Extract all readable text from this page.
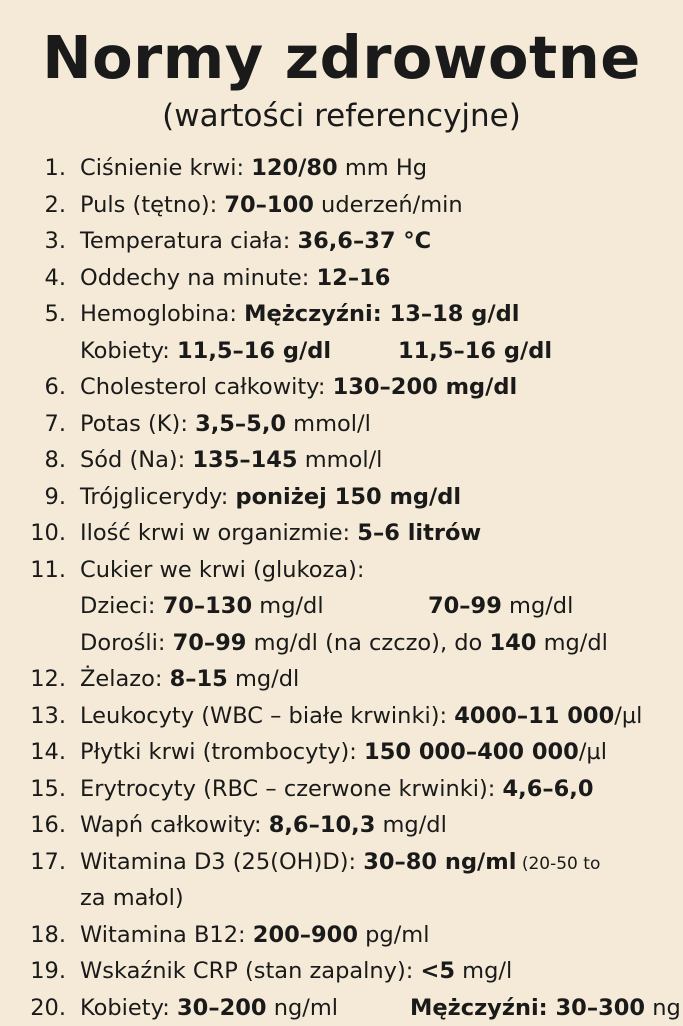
Normy zdrowotne
(wartości referencyjne)
1. Ciśnienie krwi: 120/80 mm Hg
2. Puls (tętno): 70–100 uderzeń/min
3. Temperatura ciała: 36,6–37 °C
4. Oddechy na minute: 12–16
5. Hemoglobina: Mężczyźni: 13–18 g/dl
Kobiety: 11,5–16 g/dl	11,5–16 g/dl
6. Cholesterol całkowity: 130–200 mg/dl
7. Potas (K): 3,5–5,0 mmol/l
8. Sód (Na): 135–145 mmol/l
9. Trójglicerydy: poniżej 150 mg/dl
10. Ilość krwi w organizmie: 5–6 litrów
11. Cukier we krwi (glukoza):
Dzieci: 70–130 mg/dl	70–99 mg/dl
Dorośli: 70–99 mg/dl (na czczo), do 140 mg/dl
12. Żelazo: 8–15 mg/dl
13. Leukocyty (WBC – białe krwinki): 4000–11 000/µl
14. Płytki krwi (trombocyty): 150 000–400 000/µl
15. Erytrocyty (RBC – czerwone krwinki): 4,6–6,0
16. Wapń całkowity: 8,6–10,3 mg/dl
17. Witamina D3 (25(OH)D): 30–80 ng/ml (20-50 to
za małol)
18. Witamina B12: 200–900 pg/ml
19. Wskaźnik CRP (stan zapalny): <5 mg/l
20. Kobiety: 30–200 ng/ml	Mężczyźni: 30–300 ng
